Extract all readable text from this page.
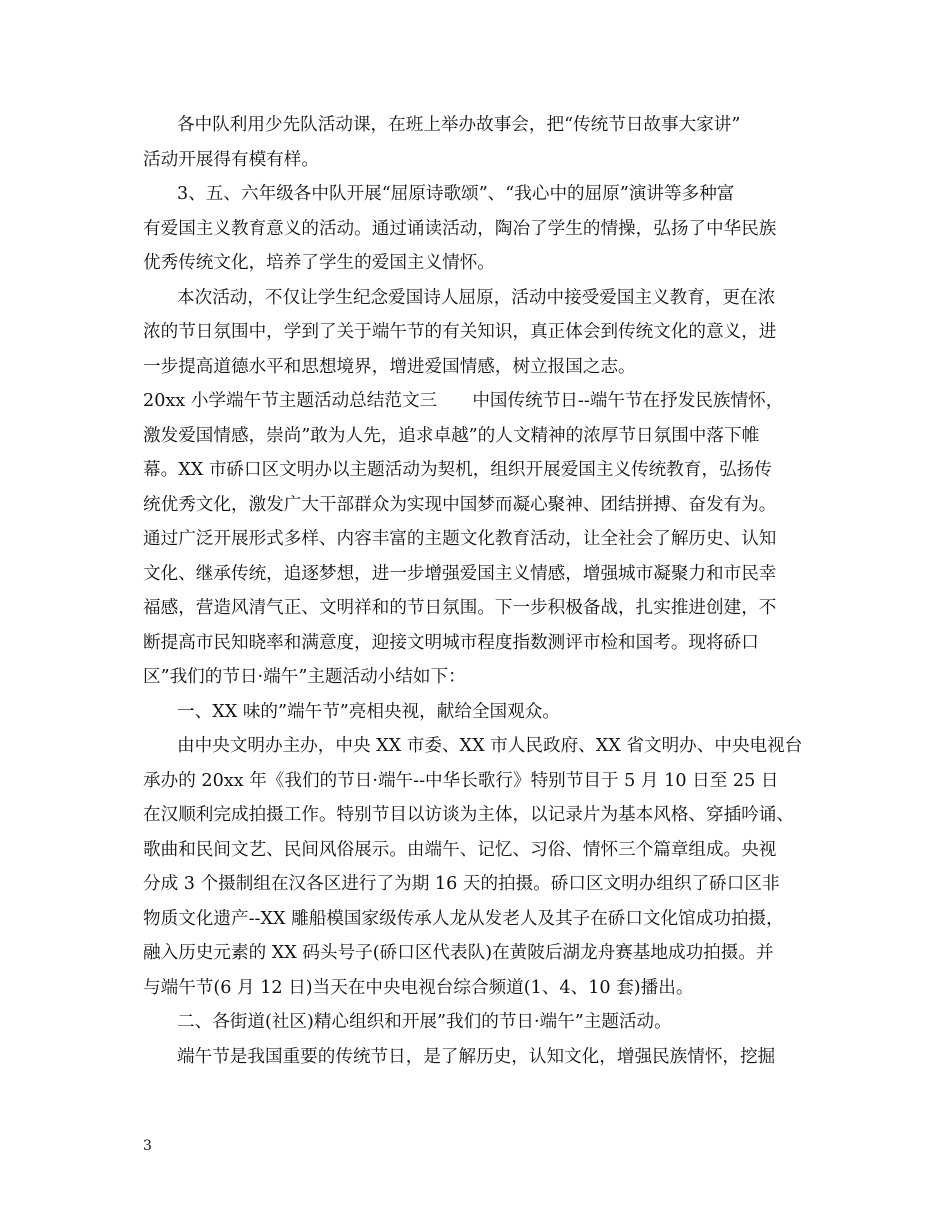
各中队利用少先队活动课，在班上举办故事会，把“传统节日故事大家讲”
活动开展得有模有样。
3、五、六年级各中队开展“屈原诗歌颂”、“我心中的屈原”演讲等多种富
有爱国主义教育意义的活动。通过诵读活动，陶冶了学生的情操，弘扬了中华民族
优秀传统文化，培养了学生的爱国主义情怀。
本次活动，不仅让学生纪念爱国诗人屈原，活动中接受爱国主义教育，更在浓
浓的节日氛围中，学到了关于端午节的有关知识，真正体会到传统文化的意义，进
一步提高道德水平和思想境界，增进爱国情感，树立报国之志。
20xx 小学端午节主题活动总结范文三　　中国传统节日--端午节在抒发民族情怀，
激发爱国情感，崇尚”敢为人先，追求卓越”的人文精神的浓厚节日氛围中落下帷
幕。XX 市硚口区文明办以主题活动为契机，组织开展爱国主义传统教育，弘扬传
统优秀文化，激发广大干部群众为实现中国梦而凝心聚神、团结拼搏、奋发有为。
通过广泛开展形式多样、内容丰富的主题文化教育活动，让全社会了解历史、认知
文化、继承传统，追逐梦想，进一步增强爱国主义情感，增强城市凝聚力和市民幸
福感，营造风清气正、文明祥和的节日氛围。下一步积极备战，扎实推进创建，不
断提高市民知晓率和满意度，迎接文明城市程度指数测评市检和国考。现将硚口
区”我们的节日·端午”主题活动小结如下：
一、XX 味的”端午节”亮相央视，献给全国观众。
由中央文明办主办，中央 XX 市委、XX 市人民政府、XX 省文明办、中央电视台
承办的 20xx 年《我们的节日·端午--中华长歌行》特别节目于 5 月 10 日至 25 日
在汉顺利完成拍摄工作。特别节目以访谈为主体，以记录片为基本风格、穿插吟诵、
歌曲和民间文艺、民间风俗展示。由端午、记忆、习俗、情怀三个篇章组成。央视
分成 3 个摄制组在汉各区进行了为期 16 天的拍摄。硚口区文明办组织了硚口区非
物质文化遗产--XX 雕船模国家级传承人龙从发老人及其子在硚口文化馆成功拍摄，
融入历史元素的 XX 码头号子(硚口区代表队)在黄陂后湖龙舟赛基地成功拍摄。并
与端午节(6 月 12 日)当天在中央电视台综合频道(1、4、10 套)播出。
二、各街道(社区)精心组织和开展”我们的节日·端午”主题活动。
端午节是我国重要的传统节日，是了解历史，认知文化，增强民族情怀，挖掘
3
